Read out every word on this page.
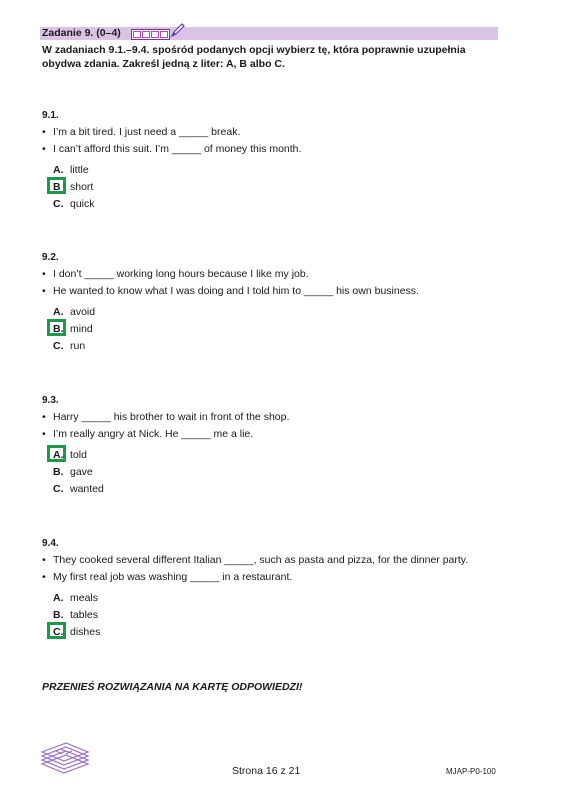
Zadanie 9. (0–4)
W zadaniach 9.1.–9.4. spośród podanych opcji wybierz tę, która poprawnie uzupełnia obydwa zdania. Zakreśl jedną z liter: A, B albo C.
9.1.
• I’m a bit tired. I just need a _____ break.
• I can’t afford this suit. I’m _____ of money this month.
A. little
B short
C. quick
9.2.
• I don’t _____ working long hours because I like my job.
• He wanted to know what I was doing and I told him to _____ his own business.
A. avoid
B. mind
C. run
9.3.
• Harry _____ his brother to wait in front of the shop.
• I’m really angry at Nick. He _____ me a lie.
A. told
B. gave
C. wanted
9.4.
• They cooked several different Italian _____, such as pasta and pizza, for the dinner party.
• My first real job was washing _____ in a restaurant.
A. meals
B. tables
C. dishes
PRZENIEŚ ROZWIĄZANIA NA KARTĘ ODPOWIEDZI!
Strona 16 z 21	MJAP-P0-100
